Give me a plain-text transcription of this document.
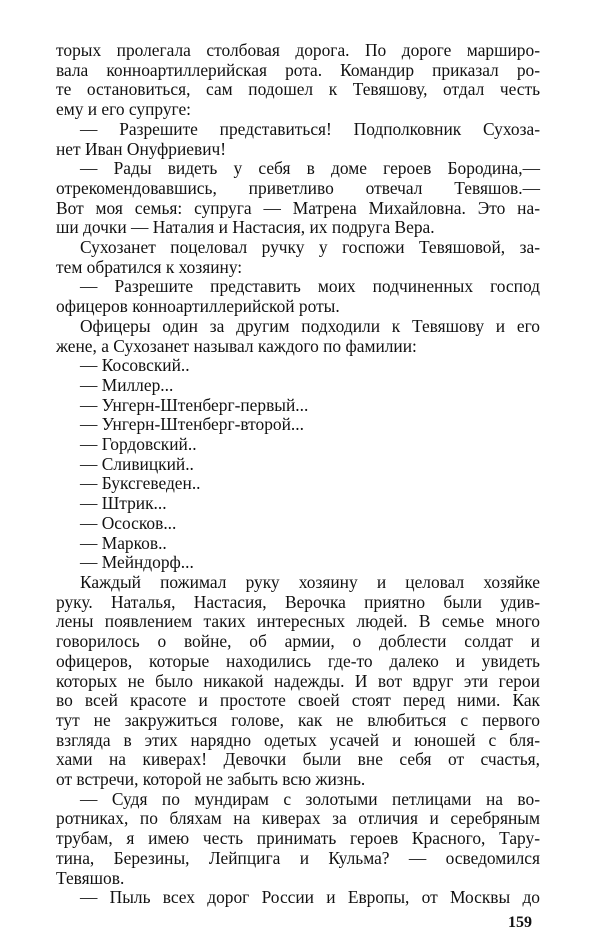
торых пролегала столбовая дорога. По дороге марширо-
вала конноартиллерийская рота. Командир приказал ро-
те остановиться, сам подошел к Тевяшову, отдал честь
ему и его супруге:
— Разрешите представиться! Подполковник Сухоза-
нет Иван Онуфриевич!
— Рады видеть у себя в доме героев Бородина,—
отрекомендовавшись, приветливо отвечал Тевяшов.—
Вот моя семья: супруга — Матрена Михайловна. Это на-
ши дочки — Наталия и Настасия, их подруга Вера.
Сухозанет поцеловал ручку у госпожи Тевяшовой, за-
тем обратился к хозяину:
— Разрешите представить моих подчиненных господ
офицеров конноартиллерийской роты.
Офицеры один за другим подходили к Тевяшову и его
жене, а Сухозанет называл каждого по фамилии:
— Косовский..
— Миллер...
— Унгерн-Штенберг-первый...
— Унгерн-Штенберг-второй...
— Гордовский..
— Сливицкий..
— Буксгеведен..
— Штрик...
— Ососков...
— Марков..
— Мейндорф...
Каждый пожимал руку хозяину и целовал хозяйке
руку. Наталья, Настасия, Верочка приятно были удив-
лены появлением таких интересных людей. В семье много
говорилось о войне, об армии, о доблести солдат и
офицеров, которые находились где-то далеко и увидеть
которых не было никакой надежды. И вот вдруг эти герои
во всей красоте и простоте своей стоят перед ними. Как
тут не закружиться голове, как не влюбиться с первого
взгляда в этих нарядно одетых усачей и юношей с бля-
хами на киверах! Девочки были вне себя от счастья,
от встречи, которой не забыть всю жизнь.
— Судя по мундирам с золотыми петлицами на во-
ротниках, по бляхам на киверах за отличия и серебряным
трубам, я имею честь принимать героев Красного, Тару-
тина, Березины, Лейпцига и Кульма? — осведомился
Тевяшов.
— Пыль всех дорог России и Европы, от Москвы до
159
